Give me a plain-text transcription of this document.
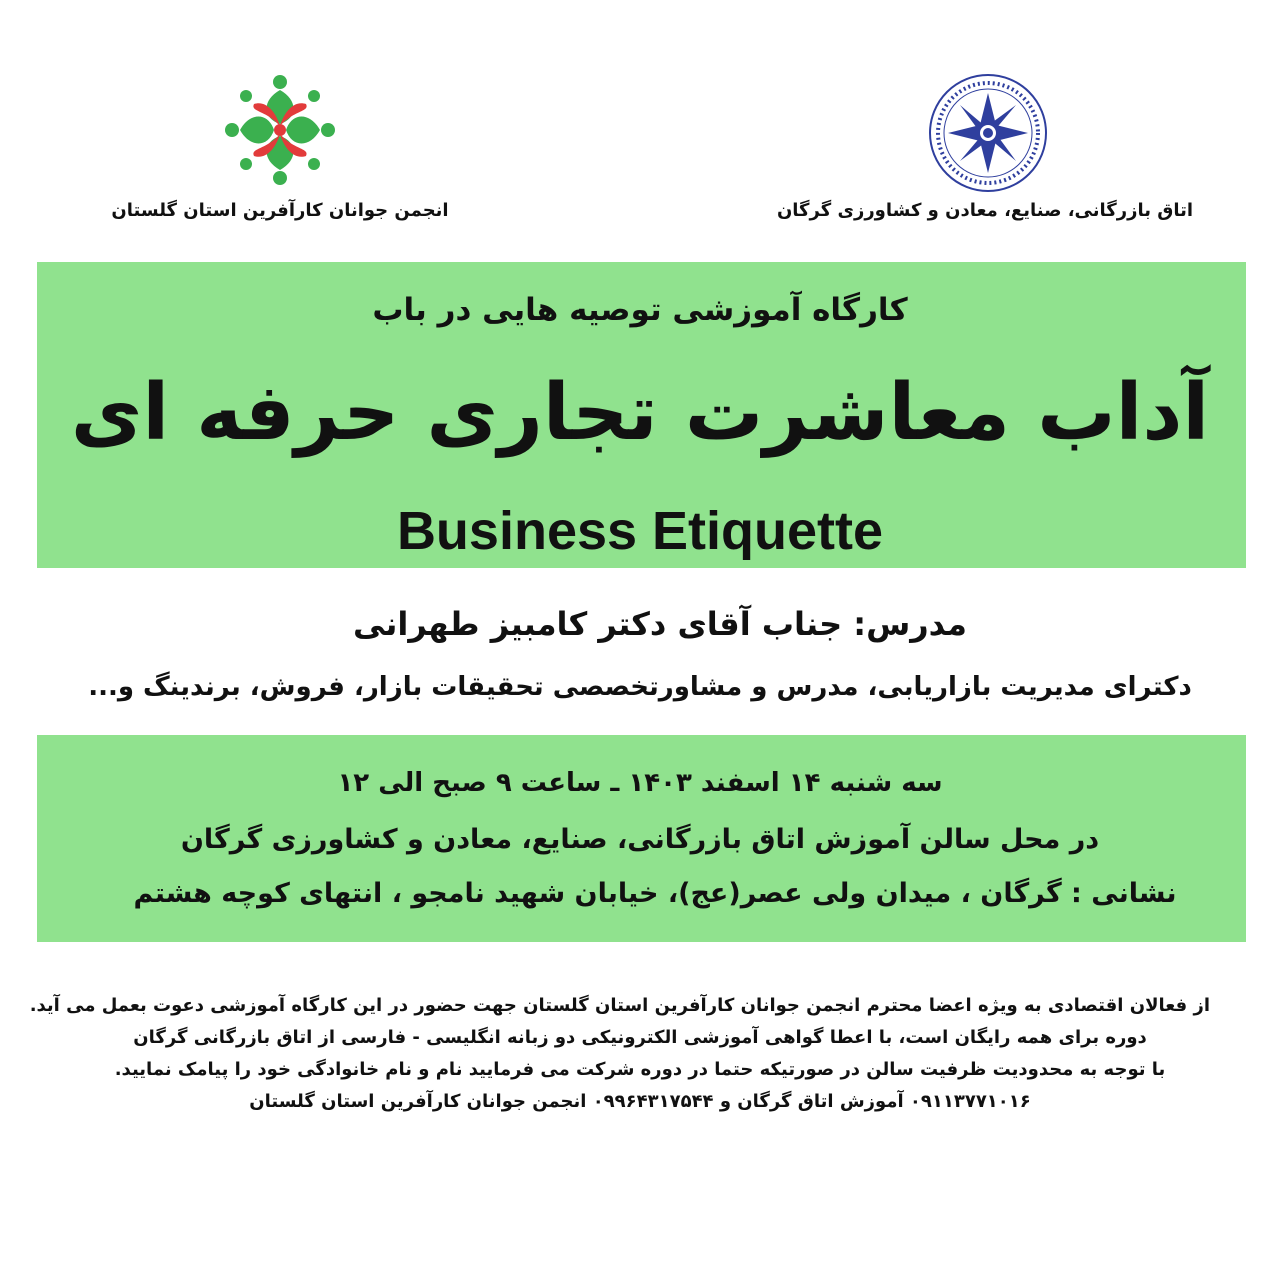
انجمن جوانان کارآفرین استان گلستان	اتاق بازرگانی، صنایع، معادن و کشاورزی گرگان
کارگاه آموزشی توصیه هایی در باب
آداب معاشرت تجاری حرفه ای
Business Etiquette
مدرس: جناب آقای دکتر کامبیز طهرانی
دکترای مدیریت بازاریابی، مدرس و مشاورتخصصی تحقیقات بازار، فروش، برندینگ و...
سه شنبه ۱۴ اسفند ۱۴۰۳ ـ ساعت ۹ صبح الی ۱۲
در محل سالن آموزش اتاق بازرگانی، صنایع، معادن و کشاورزی گرگان
نشانی : گرگان ، میدان ولی عصر(عج)، خیابان شهید نامجو ، انتهای کوچه هشتم
از فعالان اقتصادی به ویژه اعضا محترم انجمن جوانان کارآفرین استان گلستان جهت حضور در این کارگاه آموزشی دعوت بعمل می آید.
دوره برای همه رایگان است، با اعطا گواهی آموزشی الکترونیکی دو زبانه انگلیسی - فارسی از اتاق بازرگانی گرگان
با توجه به محدودیت ظرفیت سالن در صورتیکه حتما در دوره شرکت می فرمایید نام و نام خانوادگی خود را پیامک نمایید.
۰۹۱۱۳۷۷۱۰۱۶ آموزش اتاق گرگان و ۰۹۹۶۴۳۱۷۵۴۴ انجمن جوانان کارآفرین استان گلستان
